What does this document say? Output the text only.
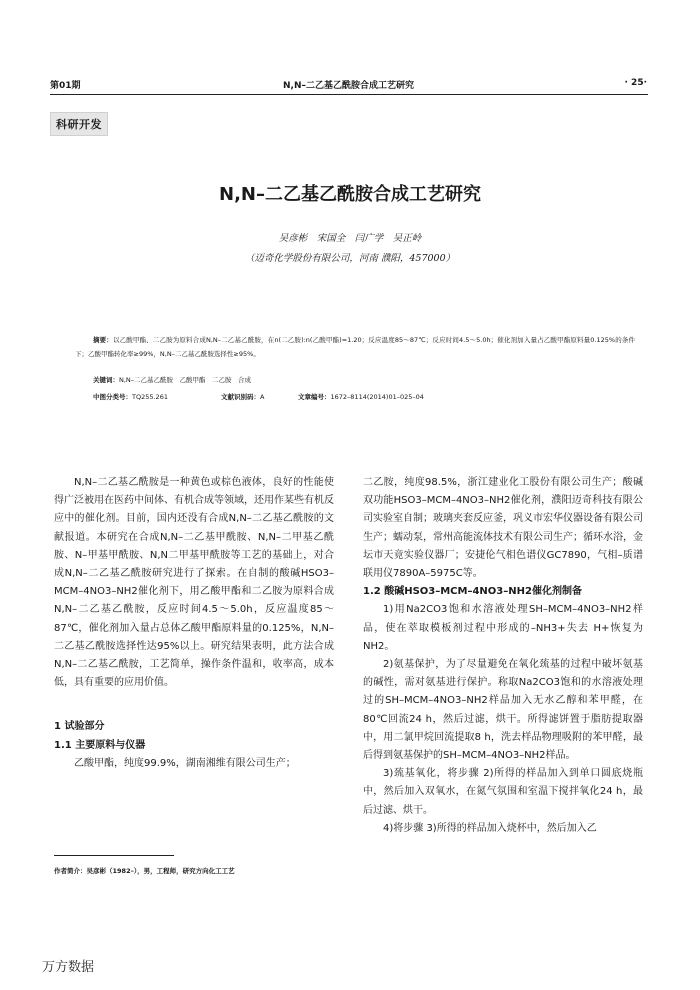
第01期	N,N–二乙基乙酰胺合成工艺研究	· 25·
科研开发
N,N–二乙基乙酰胺合成工艺研究
吴彦彬　宋国全　闫广学　吴正岭
（迈奇化学股份有限公司，河南 濮阳，457000）
摘要：以乙酸甲酯、二乙胺为原料合成N,N–二乙基乙酰胺，在n(二乙胺):n(乙酸甲酯)=1.20；反应温度85～87℃；反应时间4.5～5.0h；催化剂加入量占乙酸甲酯原料量0.125%的条件下；乙酸甲酯转化率≥99%，N,N–二乙基乙酰胺选择性≥95%。
关键词：N,N–二乙基乙酰胺　乙酸甲酯　二乙胺　合成
中图分类号：TQ255.261	文献识别码：A	文章编号：1672–8114(2014)01–025–04

N,N–二乙基乙酰胺是一种黄色或棕色液体，良好的性能使得广泛被用在医药中间体、有机合成等领域，还用作某些有机反应中的催化剂。目前，国内还没有合成N,N–二乙基乙酰胺的文献报道。本研究在合成N,N–二乙基甲酰胺、N,N–二甲基乙酰胺、N–甲基甲酰胺、N,N二甲基甲酰胺等工艺的基础上，对合成N,N–二乙基乙酰胺研究进行了探索。在自制的酸碱HSO3–MCM–4NO3–NH2催化剂下，用乙酸甲酯和二乙胺为原料合成N,N–二乙基乙酰胺，反应时间4.5～5.0h，反应温度85～87℃，催化剂加入量占总体乙酸甲酯原料量的0.125%，N,N–二乙基乙酰胺选择性达95%以上。研究结果表明，此方法合成N,N–二乙基乙酰胺，工艺简单，操作条件温和，收率高，成本低，具有重要的应用价值。

1 试验部分

1.1 主要原料与仪器

乙酸甲酯，纯度99.9%，湖南湘维有限公司生产；

二乙胺，纯度98.5%，浙江建业化工股份有限公司生产；酸碱双功能HSO3–MCM–4NO3–NH2催化剂，濮阳迈奇科技有限公司实验室自制；玻璃夹套反应釜，巩义市宏华仪器设备有限公司生产；蠕动泵，常州高能流体技术有限公司生产；循环水浴，金坛市天竟实验仪器厂；安捷伦气相色谱仪GC7890，气相–质谱联用仪7890A–5975C等。

1.2 酸碱HSO3–MCM–4NO3–NH2催化剂制备

1)用Na2CO3饱和水溶液处理SH–MCM–4NO3–NH2样品，使在萃取模板剂过程中形成的–NH3+失去 H+恢复为NH2。

2)氨基保护，为了尽量避免在氧化巯基的过程中破坏氨基的碱性，需对氨基进行保护。称取Na2CO3饱和的水溶液处理过的SH–MCM–4NO3–NH2样品加入无水乙醇和苯甲醛，在80℃回流24 h，然后过滤，烘干。所得滤饼置于脂肪提取器中，用二氯甲烷回流提取8 h，洗去样品物理吸附的苯甲醛，最后得到氨基保护的SH–MCM–4NO3–NH2样品。

3)巯基氧化，将步骤 2)所得的样品加入到单口圆底烧瓶中，然后加入双氧水，在氮气氛围和室温下搅拌氧化24 h，最后过滤、烘干。

4)将步骤 3)所得的样品加入烧杯中，然后加入乙

作者简介：吴彦彬（1982–），男，工程师，研究方向化工工艺
万方数据
